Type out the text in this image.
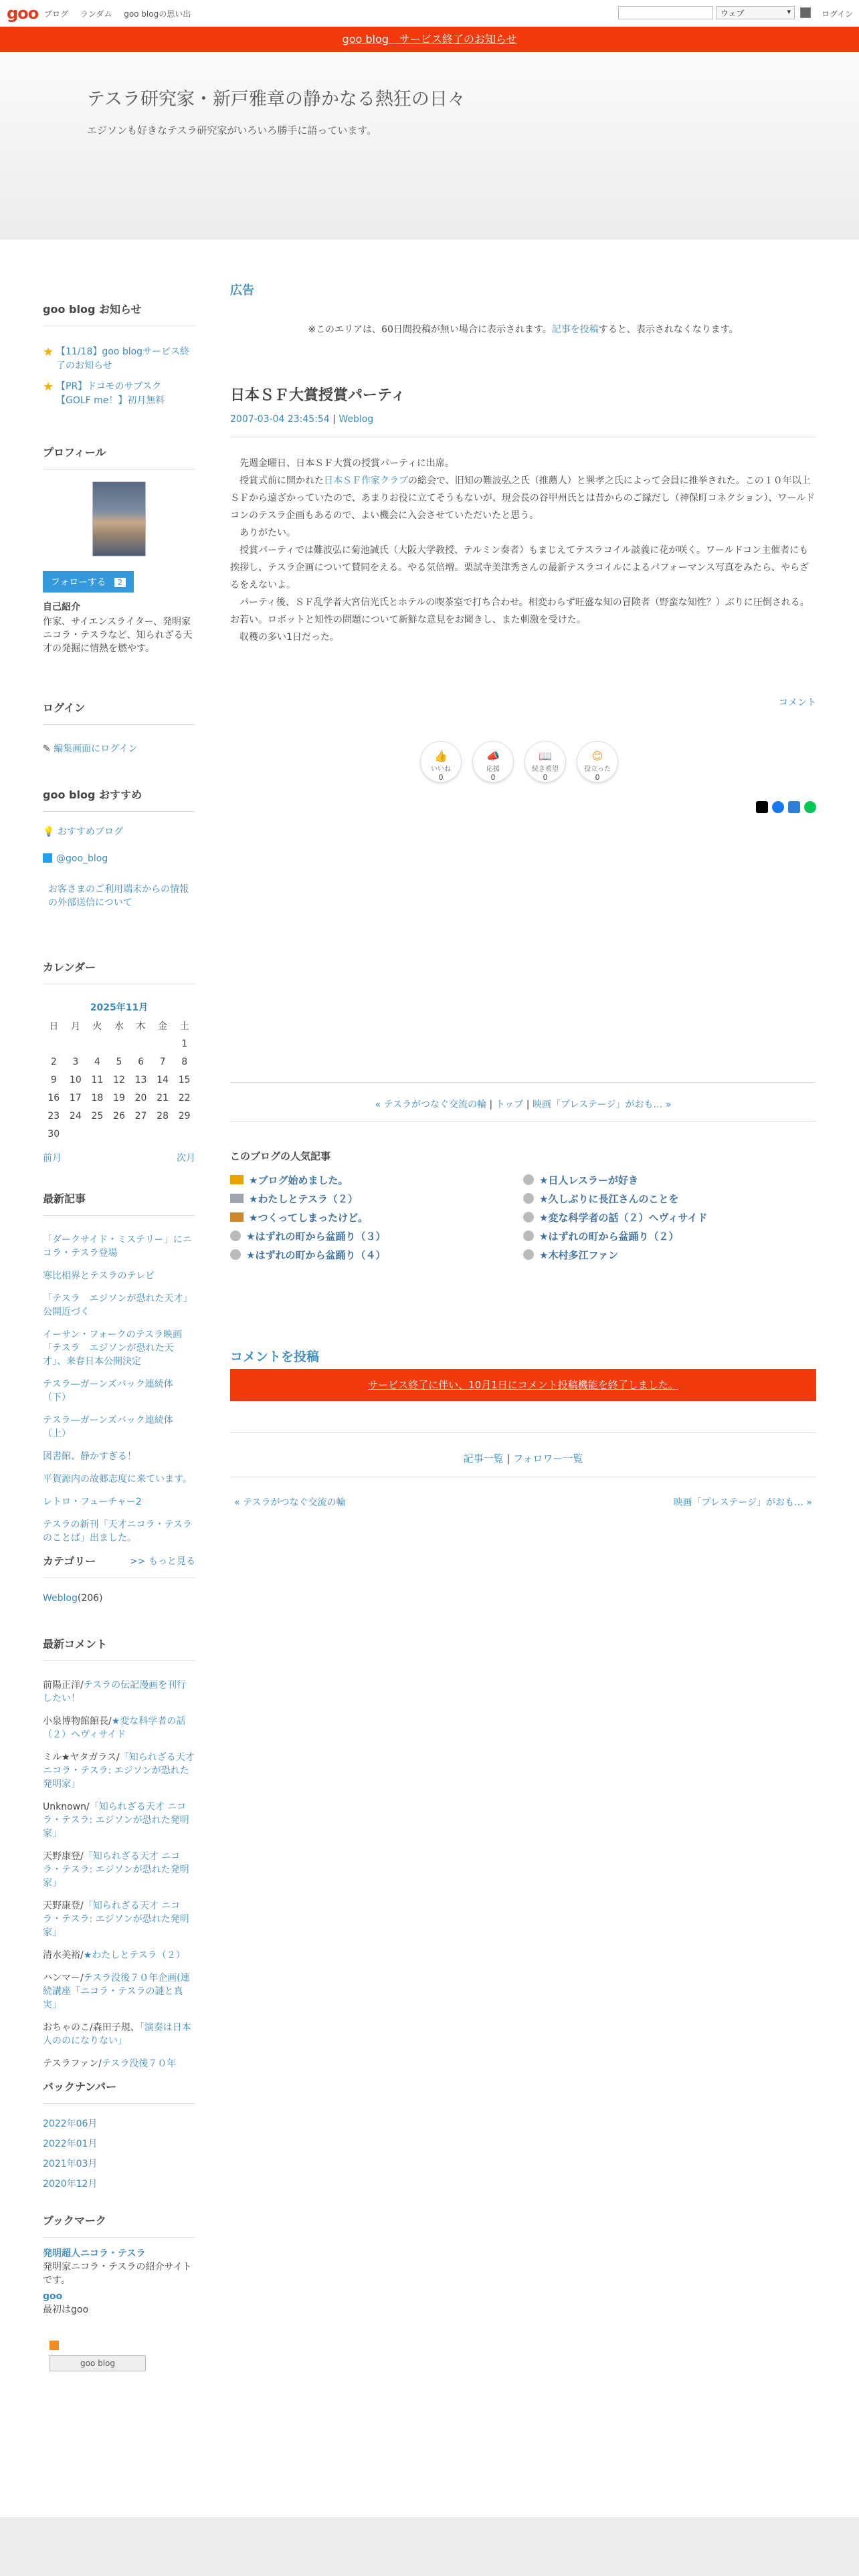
goo ブログ ランダム goo blogの思い出	ウェブ	▾	ログイン
goo blog　サービス終了のお知らせ
テスラ研究家・新戸雅章の静かなる熱狂の日々
エジソンも好きなテスラ研究家がいろいろ勝手に語っています。
goo blog お知らせ
★ 【11/18】goo blogサービス終了のお知らせ
★ 【PR】ドコモのサブスク【GOLF me！】初月無料
プロフィール
フォローする 2
自己紹介
作家、サイエンスライター、発明家ニコラ・テスラなど、知られざる天才の発掘に情熱を燃やす。
ログイン
✎ 編集画面にログイン
goo blog おすすめ
💡 おすすめブログ
@goo_blog
お客さまのご利用端末からの情報の外部送信について
カレンダー
2025年11月
日	月	火	水	木	金	土
						1
2	3	4	5	6	7	8
9	10	11	12	13	14	15
16	17	18	19	20	21	22
23	24	25	26	27	28	29
30						
前月	次月
最新記事
「ダークサイド・ミステリー」にニコラ・テスラ登場
寒比相界とテスラのテレビ
「テスラ　エジソンが恐れた天才」公開近づく
イーサン・フォークのテスラ映画「テスラ　エジソンが恐れた天才」、来春日本公開決定
テスラ―ガーンズバック連続体（下）
テスラ―ガーンズバック連続体（上）
図書館、静かすぎる！
平賀源内の故郷志度に来ています。
レトロ・フューチャー2
テスラの新刊「天才ニコラ・テスラのことば」出ました。
>> もっと見る
カテゴリー
Weblog(206)
最新コメント
前陽正洋/テスラの伝記漫画を刊行したい！
小泉博物館館長/★変な科学者の話（２）ヘヴィサイド
ミル★ヤタガラス/「知られざる天才 ニコラ・テスラ: エジソンが恐れた発明家」
Unknown/「知られざる天才 ニコラ・テスラ: エジソンが恐れた発明家」
天野康登/「知られざる天才 ニコラ・テスラ: エジソンが恐れた発明家」
天野康登/「知られざる天才 ニコラ・テスラ: エジソンが恐れた発明家」
清水美裕/★わたしとテスラ（２）
ハンマー/テスラ没後７０年企画(連続講座「ニコラ・テスラの謎と真実」
おちゃのこ/森田子規、「演奏は日本人ののになりない」
テスラファン/テスラ没後７０年
バックナンバー
2022年06月
2022年01月
2021年03月
2020年12月
ブックマーク
発明超人ニコラ・テスラ
発明家ニコラ・テスラの紹介サイトです。
goo
最初はgoo
goo blog
広告
※このエリアは、60日間投稿が無い場合に表示されます。記事を投稿すると、表示されなくなります。
日本ＳＦ大賞授賞パーティ
2007-03-04 23:45:54 | Weblog
　先週金曜日、日本ＳＦ大賞の授賞パーティに出席。
　授賞式前に開かれた日本ＳＦ作家クラブの総会で、旧知の難波弘之氏（推薦人）と巽孝之氏によって会員に推挙された。この１０年以上ＳＦから遠ざかっていたので、あまりお役に立てそうもないが、現会長の谷甲州氏とは昔からのご縁だし（神保町コネクション）、ワールドコンのテスラ企画もあるので、よい機会に入会させていただいたと思う。
　ありがたい。
　授賞パーティでは難波弘に菊池誠氏（大阪大学教授、テルミン奏者）もまじえてテスラコイル談義に花が咲く。ワールドコン主催者にも挨拶し、テスラ企画について賛同をえる。やる気倍増。栗試寺美津秀さんの最新テスラコイルによるパフォーマンス写真をみたら、やらざるをえないよ。
　パーティ後、ＳＦ乱学者大宮信光氏とホテルの喫茶室で打ち合わせ。相変わらず旺盛な知の冒険者（野蛮な知性？）ぶりに圧倒される。お若い。ロボットと知性の問題について新鮮な意見をお聞きし、また刺激を受けた。
　収穫の多い1日だった。
コメント
👍
いいね
0
📣
応援
0
📖
続き希望
0
😊
役立った
0
« テスラがつなぐ交流の輪 | トップ | 映画「プレステージ」がおも… »
このブログの人気記事
★ブログ始めました。
★わたしとテスラ（２）
★つくってしまったけど。
★はずれの町から盆踊り（３）
★はずれの町から盆踊り（４）
★日人レスラーが好き
★久しぶりに長江さんのことを
★変な科学者の話（２）ヘヴィサイド
★はずれの町から盆踊り（２）
★木村多江ファン
コメントを投稿
サービス終了に伴い、10月1日にコメント投稿機能を終了しました。
記事一覧 | フォロワー一覧
« テスラがつなぐ交流の輪	映画「プレステージ」がおも… »
